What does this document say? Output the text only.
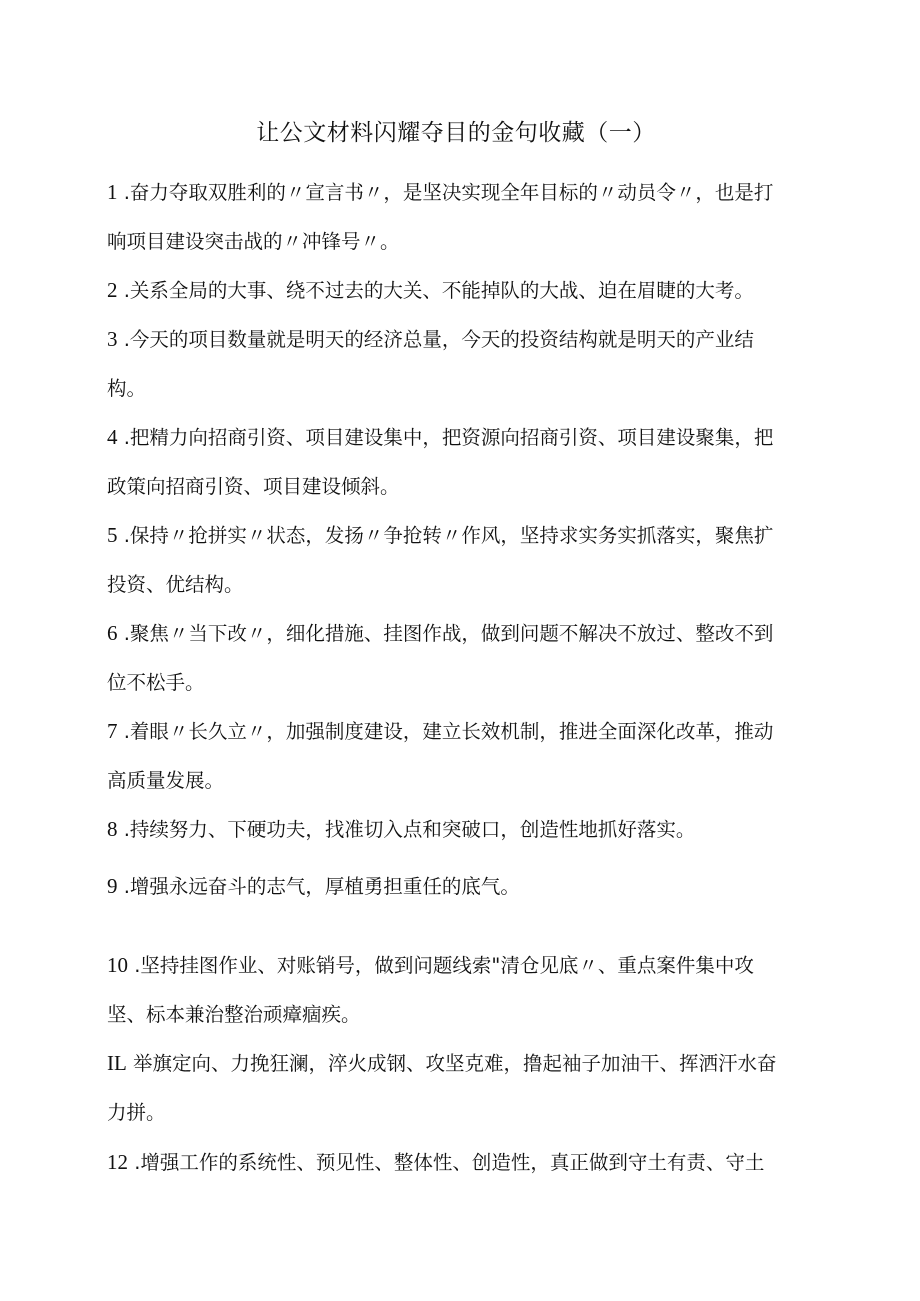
让公文材料闪耀夺目的金句收藏（一）

1 .奋力夺取双胜利的〃宣言书〃，是坚决实现全年目标的〃动员令〃，也是打
响项目建设突击战的〃冲锋号〃。

2 .关系全局的大事、绕不过去的大关、不能掉队的大战、迫在眉睫的大考。

3 .今天的项目数量就是明天的经济总量，今天的投资结构就是明天的产业结
构。

4 .把精力向招商引资、项目建设集中，把资源向招商引资、项目建设聚集，把
政策向招商引资、项目建设倾斜。

5 .保持〃抢拼实〃状态，发扬〃争抢转〃作风，坚持求实务实抓落实，聚焦扩
投资、优结构。

6 .聚焦〃当下改〃，细化措施、挂图作战，做到问题不解决不放过、整改不到
位不松手。

7 .着眼〃长久立〃，加强制度建设，建立长效机制，推进全面深化改革，推动
高质量发展。

8 .持续努力、下硬功夫，找准切入点和突破口，创造性地抓好落实。

9 .增强永远奋斗的志气，厚植勇担重任的底气。

10 .坚持挂图作业、对账销号，做到问题线索"清仓见底〃、重点案件集中攻
坚、标本兼治整治顽瘴痼疾。

IL 举旗定向、力挽狂澜，淬火成钢、攻坚克难，撸起袖子加油干、挥洒汗水奋
力拼。

12 .增强工作的系统性、预见性、整体性、创造性，真正做到守土有责、守土
